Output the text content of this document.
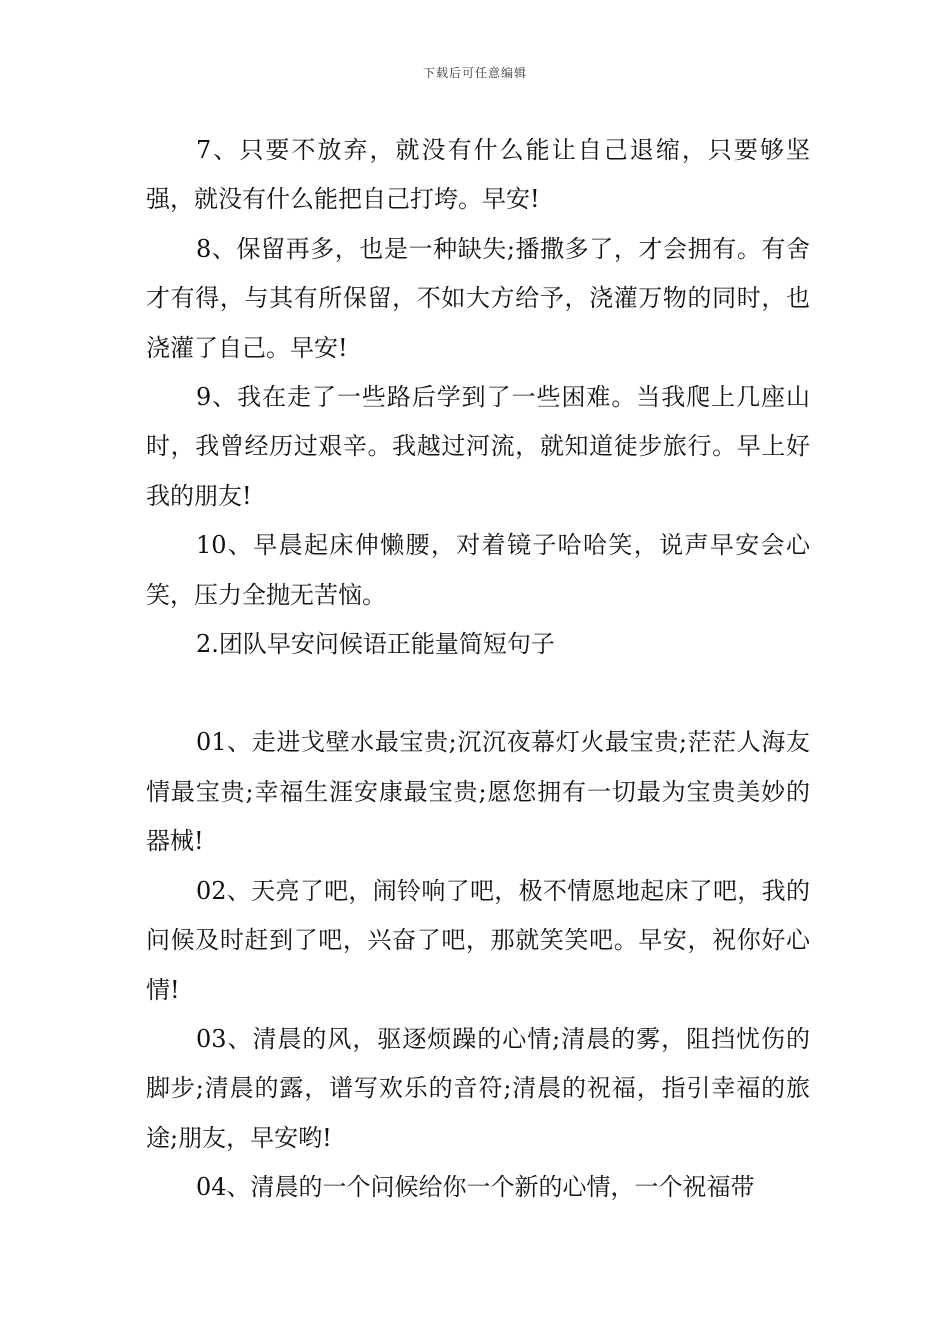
下载后可任意编辑

7、只要不放弃，就没有什么能让自己退缩，只要够坚强，就没有什么能把自己打垮。早安!

8、保留再多，也是一种缺失;播撒多了，才会拥有。有舍才有得，与其有所保留，不如大方给予，浇灌万物的同时，也浇灌了自己。早安!

9、我在走了一些路后学到了一些困难。当我爬上几座山时，我曾经历过艰辛。我越过河流，就知道徒步旅行。早上好我的朋友!

10、早晨起床伸懒腰，对着镜子哈哈笑，说声早安会心笑，压力全抛无苦恼。

2.团队早安问候语正能量简短句子

01、走进戈壁水最宝贵;沉沉夜幕灯火最宝贵;茫茫人海友情最宝贵;幸福生涯安康最宝贵;愿您拥有一切最为宝贵美妙的器械!

02、天亮了吧，闹铃响了吧，极不情愿地起床了吧，我的问候及时赶到了吧，兴奋了吧，那就笑笑吧。早安，祝你好心情!

03、清晨的风，驱逐烦躁的心情;清晨的雾，阻挡忧伤的脚步;清晨的露，谱写欢乐的音符;清晨的祝福，指引幸福的旅途;朋友，早安哟!

04、清晨的一个问候给你一个新的心情，一个祝福带
